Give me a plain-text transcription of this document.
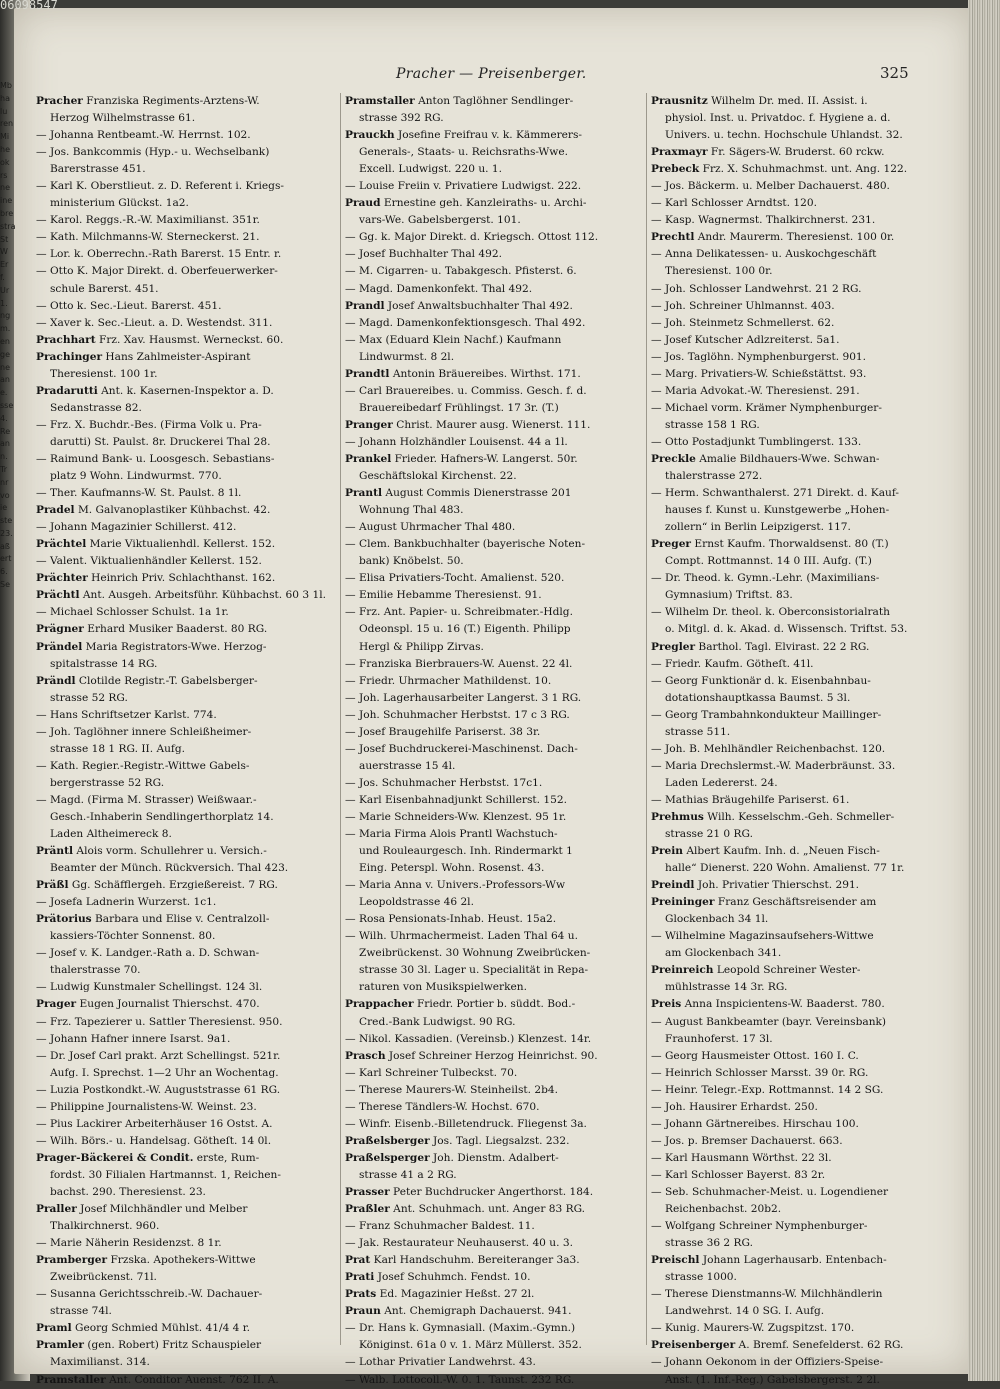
Mb
ha
lu
ren
Mi
he
ok
rs
ne
ine
bre
stra
St
W
Er
f.
Ur
1.
ng
m.
en
ge
ne
an
e.
sse
4.
Re
an
n.
Tr
nr
vo
ie
ste
23.
aß
ert
6.
Se
06098547
Pracher — Preisenberger.	325
Pracher Franziska Regiments-Arztens-W.
Herzog Wilhelmstrasse 61.
— Johanna Rentbeamt.-W. Herrnst. 102.
— Jos. Bankcommis (Hyp.- u. Wechselbank)
Barerstrasse 451.
— Karl K. Oberstlieut. z. D. Referent i. Kriegs-
ministerium Glückst. 1a2.
— Karol. Reggs.-R.-W. Maximilianst. 351r.
— Kath. Milchmanns-W. Sterneckerst. 21.
— Lor. k. Oberrechn.-Rath Barerst. 15 Entr. r.
— Otto K. Major Direkt. d. Oberfeuerwerker-
schule Barerst. 451.
— Otto k. Sec.-Lieut. Barerst. 451.
— Xaver k. Sec.-Lieut. a. D. Westendst. 311.
Prachhart Frz. Xav. Hausmst. Werneckst. 60.
Prachinger Hans Zahlmeister-Aspirant
Theresienst. 100 1r.
Pradarutti Ant. k. Kasernen-Inspektor a. D.
Sedanstrasse 82.
— Frz. X. Buchdr.-Bes. (Firma Volk u. Pra-
darutti) St. Paulst. 8r. Druckerei Thal 28.
— Raimund Bank- u. Loosgesch. Sebastians-
platz 9 Wohn. Lindwurmst. 770.
— Ther. Kaufmanns-W. St. Paulst. 8 1l.
Pradel M. Galvanoplastiker Kühbachst. 42.
— Johann Magazinier Schillerst. 412.
Prächtel Marie Viktualienhdl. Kellerst. 152.
— Valent. Viktualienhändler Kellerst. 152.
Prächter Heinrich Priv. Schlachthanst. 162.
Prächtl Ant. Ausgeh. Arbeitsführ. Kühbachst. 60 3 1l.
— Michael Schlosser Schulst. 1a 1r.
Prägner Erhard Musiker Baaderst. 80 RG.
Prändel Maria Registrators-Wwe. Herzog-
spitalstrasse 14 RG.
Prändl Clotilde Registr.-T. Gabelsberger-
strasse 52 RG.
— Hans Schriftsetzer Karlst. 774.
— Joh. Taglöhner innere Schleißheimer-
strasse 18 1 RG. II. Aufg.
— Kath. Regier.-Registr.-Wittwe Gabels-
bergerstrasse 52 RG.
— Magd. (Firma M. Strasser) Weißwaar.-
Gesch.-Inhaberin Sendlingerthorplatz 14.
Laden Altheimereck 8.
Präntl Alois vorm. Schullehrer u. Versich.-
Beamter der Münch. Rückversich. Thal 423.
Präßl Gg. Schäfflergeh. Erzgießereist. 7 RG.
— Josefa Ladnerin Wurzerst. 1c1.
Prätorius Barbara und Elise v. Centralzoll-
kassiers-Töchter Sonnenst. 80.
— Josef v. K. Landger.-Rath a. D. Schwan-
thalerstrasse 70.
— Ludwig Kunstmaler Schellingst. 124 3l.
Prager Eugen Journalist Thierschst. 470.
— Frz. Tapezierer u. Sattler Theresienst. 950.
— Johann Hafner innere Isarst. 9a1.
— Dr. Josef Carl prakt. Arzt Schellingst. 521r.
Aufg. I. Sprechst. 1—2 Uhr an Wochentag.
— Luzia Postkondkt.-W. Auguststrasse 61 RG.
— Philippine Journalistens-W. Weinst. 23.
— Pius Lackirer Arbeiterhäuser 16 Ostst. A.
— Wilh. Börs.- u. Handelsag. Götheſt. 14 0l.
Prager-Bäckerei & Condit. erste, Rum-
fordst. 30 Filialen Hartmannst. 1, Reichen-
bachst. 290. Theresienst. 23.
Praller Josef Milchhändler und Melber
Thalkirchnerst. 960.
— Marie Näherin Residenzst. 8 1r.
Pramberger Frzska. Apothekers-Wittwe
Zweibrückenst. 71l.
— Susanna Gerichtsschreib.-W. Dachauer-
strasse 74l.
Praml Georg Schmied Mühlst. 41/4 4 r.
Pramler (gen. Robert) Fritz Schauspieler
Maximilianst. 314.
Pramstaller Ant. Conditor Auenst. 762 II. A.
Pramstaller Anton Taglöhner Sendlinger-
strasse 392 RG.
Prauckh Josefine Freifrau v. k. Kämmerers-
Generals-, Staats- u. Reichsraths-Wwe.
Excell. Ludwigst. 220 u. 1.
— Louise Freiin v. Privatiere Ludwigst. 222.
Praud Ernestine geh. Kanzleiraths- u. Archi-
vars-We. Gabelsbergerst. 101.
— Gg. k. Major Direkt. d. Kriegsch. Ottost 112.
— Josef Buchhalter Thal 492.
— M. Cigarren- u. Tabakgesch. Pfisterst. 6.
— Magd. Damenkonfekt. Thal 492.
Prandl Josef Anwaltsbuchhalter Thal 492.
— Magd. Damenkonfektionsgesch. Thal 492.
— Max (Eduard Klein Nachf.) Kaufmann
Lindwurmst. 8 2l.
Prandtl Antonin Bräuereibes. Wirthst. 171.
— Carl Brauereibes. u. Commiss. Gesch. f. d.
Brauereibedarf Frühlingst. 17 3r. (T.)
Pranger Christ. Maurer ausg. Wienerst. 111.
— Johann Holzhändler Louisenst. 44 a 1l.
Prankel Frieder. Hafners-W. Langerst. 50r.
Geschäftslokal Kirchenst. 22.
Prantl August Commis Dienerstrasse 201
Wohnung Thal 483.
— August Uhrmacher Thal 480.
— Clem. Bankbuchhalter (bayerische Noten-
bank) Knöbelst. 50.
— Elisa Privatiers-Tocht. Amalienst. 520.
— Emilie Hebamme Theresienst. 91.
— Frz. Ant. Papier- u. Schreibmater.-Hdlg.
Odeonspl. 15 u. 16 (T.) Eigenth. Philipp
Hergl & Philipp Zirvas.
— Franziska Bierbrauers-W. Auenst. 22 4l.
— Friedr. Uhrmacher Mathildenst. 10.
— Joh. Lagerhausarbeiter Langerst. 3 1 RG.
— Joh. Schuhmacher Herbstst. 17 c 3 RG.
— Josef Braugehilfe Pariserst. 38 3r.
— Josef Buchdruckerei-Maschinenst. Dach-
auerstrasse 15 4l.
— Jos. Schuhmacher Herbstst. 17c1.
— Karl Eisenbahnadjunkt Schillerst. 152.
— Marie Schneiders-Ww. Klenzest. 95 1r.
— Maria Firma Alois Prantl Wachstuch-
und Rouleaurgesch. Inh. Rindermarkt 1
Eing. Peterspl. Wohn. Rosenst. 43.
— Maria Anna v. Univers.-Professors-Ww
Leopoldstrasse 46 2l.
— Rosa Pensionats-Inhab. Heust. 15a2.
— Wilh. Uhrmachermeist. Laden Thal 64 u.
Zweibrückenst. 30 Wohnung Zweibrücken-
strasse 30 3l. Lager u. Specialität in Repa-
raturen von Musikspielwerken.
Prappacher Friedr. Portier b. süddt. Bod.-
Cred.-Bank Ludwigst. 90 RG.
— Nikol. Kassadien. (Vereinsb.) Klenzest. 14r.
Prasch Josef Schreiner Herzog Heinrichst. 90.
— Karl Schreiner Tulbeckst. 70.
— Therese Maurers-W. Steinheilst. 2b4.
— Therese Tändlers-W. Hochst. 670.
— Winfr. Eisenb.-Billetendruck. Fliegenst 3a.
Praßelsberger Jos. Tagl. Liegsalzst. 232.
Praßelsperger Joh. Dienstm. Adalbert-
strasse 41 a 2 RG.
Prasser Peter Buchdrucker Angerthorst. 184.
Praßler Ant. Schuhmach. unt. Anger 83 RG.
— Franz Schuhmacher Baldest. 11.
— Jak. Restaurateur Neuhauserst. 40 u. 3.
Prat Karl Handschuhm. Bereiteranger 3a3.
Prati Josef Schuhmch. Fendst. 10.
Prats Ed. Magazinier Heßst. 27 2l.
Praun Ant. Chemigraph Dachauerst. 941.
— Dr. Hans k. Gymnasiall. (Maxim.-Gymn.)
Königinst. 61a 0 v. 1. März Müllerst. 352.
— Lothar Privatier Landwehrst. 43.
— Walb. Lottocoll.-W. 0. 1. Taunst. 232 RG.
Prausnitz Wilhelm Dr. med. II. Assist. i.
physiol. Inst. u. Privatdoc. f. Hygiene a. d.
Univers. u. techn. Hochschule Uhlandst. 32.
Praxmayr Fr. Sägers-W. Bruderst. 60 rckw.
Prebeck Frz. X. Schuhmachmst. unt. Ang. 122.
— Jos. Bäckerm. u. Melber Dachauerst. 480.
— Karl Schlosser Arndtst. 120.
— Kasp. Wagnermst. Thalkirchnerst. 231.
Prechtl Andr. Maurerm. Theresienst. 100 0r.
— Anna Delikatessen- u. Auskochgeschäft
Theresienst. 100 0r.
— Joh. Schlosser Landwehrst. 21 2 RG.
— Joh. Schreiner Uhlmannst. 403.
— Joh. Steinmetz Schmellerst. 62.
— Josef Kutscher Adlzreiterst. 5a1.
— Jos. Taglöhn. Nymphenburgerst. 901.
— Marg. Privatiers-W. Schießstättst. 93.
— Maria Advokat.-W. Theresienst. 291.
— Michael vorm. Krämer Nymphenburger-
strasse 158 1 RG.
— Otto Postadjunkt Tumblingerst. 133.
Preckle Amalie Bildhauers-Wwe. Schwan-
thalerstrasse 272.
— Herm. Schwanthalerst. 271 Direkt. d. Kauf-
hauses f. Kunst u. Kunstgewerbe „Hohen-
zollern“ in Berlin Leipzigerst. 117.
Preger Ernst Kaufm. Thorwaldsenst. 80 (T.)
Compt. Rottmannst. 14 0 III. Aufg. (T.)
— Dr. Theod. k. Gymn.-Lehr. (Maximilians-
Gymnasium) Triftst. 83.
— Wilhelm Dr. theol. k. Oberconsistorialrath
o. Mitgl. d. k. Akad. d. Wissensch. Triftst. 53.
Pregler Barthol. Tagl. Elvirast. 22 2 RG.
— Friedr. Kaufm. Götheſt. 41l.
— Georg Funktionär d. k. Eisenbahnbau-
dotationshauptkassa Baumst. 5 3l.
— Georg Trambahnkondukteur Maillinger-
strasse 511.
— Joh. B. Mehlhändler Reichenbachst. 120.
— Maria Drechslermst.-W. Maderbräunst. 33.
Laden Ledererst. 24.
— Mathias Bräugehilfe Pariserst. 61.
Prehmus Wilh. Kesselschm.-Geh. Schmeller-
strasse 21 0 RG.
Prein Albert Kaufm. Inh. d. „Neuen Fisch-
halle“ Dienerst. 220 Wohn. Amalienst. 77 1r.
Preindl Joh. Privatier Thierschst. 291.
Preininger Franz Geschäftsreisender am
Glockenbach 34 1l.
— Wilhelmine Magazinsaufsehers-Wittwe
am Glockenbach 341.
Preinreich Leopold Schreiner Wester-
mühlstrasse 14 3r. RG.
Preis Anna Inspicientens-W. Baaderst. 780.
— August Bankbeamter (bayr. Vereinsbank)
Fraunhoferst. 17 3l.
— Georg Hausmeister Ottost. 160 I. C.
— Heinrich Schlosser Marsst. 39 0r. RG.
— Heinr. Telegr.-Exp. Rottmannst. 14 2 SG.
— Joh. Hausirer Erhardst. 250.
— Johann Gärtnereibes. Hirschau 100.
— Jos. p. Bremser Dachauerst. 663.
— Karl Hausmann Wörthst. 22 3l.
— Karl Schlosser Bayerst. 83 2r.
— Seb. Schuhmacher-Meist. u. Logendiener
Reichenbachst. 20b2.
— Wolfgang Schreiner Nymphenburger-
strasse 36 2 RG.
Preischl Johann Lagerhausarb. Entenbach-
strasse 1000.
— Therese Dienstmanns-W. Milchhändlerin
Landwehrst. 14 0 SG. I. Aufg.
— Kunig. Maurers-W. Zugspitzst. 170.
Preisenberger A. Bremf. Senefelderst. 62 RG.
— Johann Oekonom in der Offiziers-Speise-
Anst. (1. Inf.-Reg.) Gabelsbergerst. 2 2l.
